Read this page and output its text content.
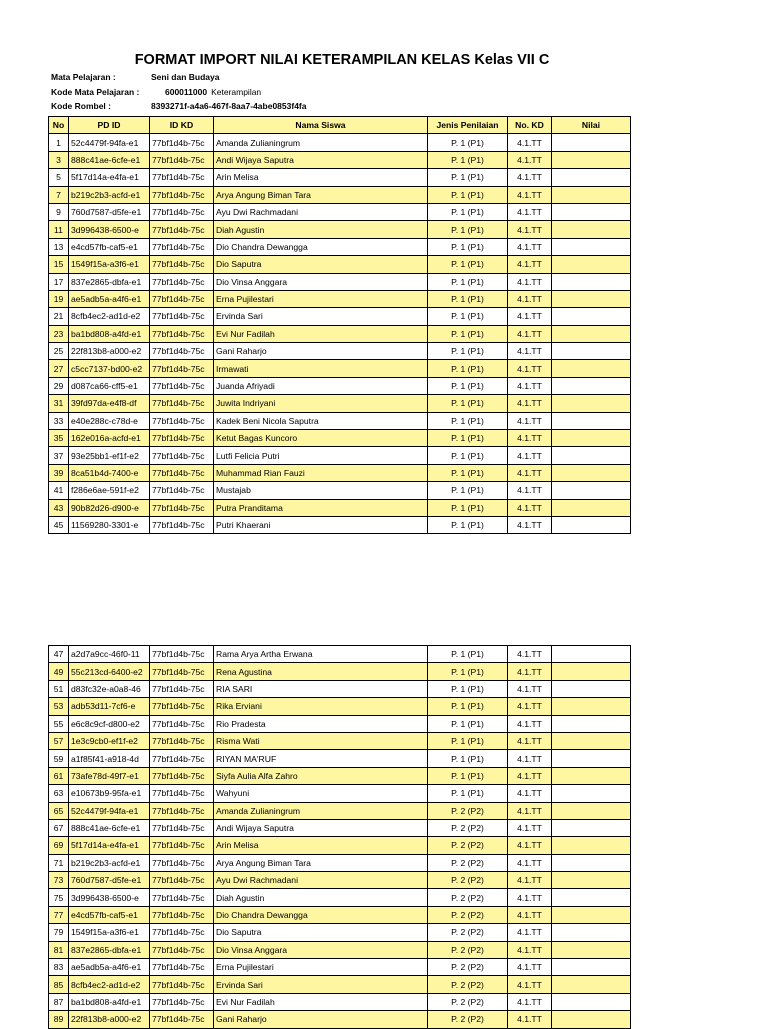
FORMAT IMPORT NILAI KETERAMPILAN KELAS Kelas VII C
Mata Pelajaran :	Seni dan Budaya
Kode Mata Pelajaran :	600011000 Keterampilan
Kode Rombel :	8393271f-a4a6-467f-8aa7-4abe0853f4fa
No	PD ID	ID KD	Nama Siswa	Jenis Penilaian	No. KD	Nilai
1	52c4479f-94fa-e1	77bf1d4b-75c	Amanda Zulianingrum	P. 1 (P1)	4.1.TT	
3	888c41ae-6cfe-e1	77bf1d4b-75c	Andi Wijaya Saputra	P. 1 (P1)	4.1.TT	
5	5f17d14a-e4fa-e1	77bf1d4b-75c	Arin Melisa	P. 1 (P1)	4.1.TT	
7	b219c2b3-acfd-e1	77bf1d4b-75c	Arya Angung Biman Tara	P. 1 (P1)	4.1.TT	
9	760d7587-d5fe-e1	77bf1d4b-75c	Ayu Dwi Rachmadani	P. 1 (P1)	4.1.TT	
11	3d996438-6500-e	77bf1d4b-75c	Diah Agustin	P. 1 (P1)	4.1.TT	
13	e4cd57fb-caf5-e1	77bf1d4b-75c	Dio Chandra Dewangga	P. 1 (P1)	4.1.TT	
15	1549f15a-a3f6-e1	77bf1d4b-75c	Dio Saputra	P. 1 (P1)	4.1.TT	
17	837e2865-dbfa-e1	77bf1d4b-75c	Dio Vinsa Anggara	P. 1 (P1)	4.1.TT	
19	ae5adb5a-a4f6-e1	77bf1d4b-75c	Erna Pujilestari	P. 1 (P1)	4.1.TT	
21	8cfb4ec2-ad1d-e2	77bf1d4b-75c	Ervinda Sari	P. 1 (P1)	4.1.TT	
23	ba1bd808-a4fd-e1	77bf1d4b-75c	Evi Nur Fadilah	P. 1 (P1)	4.1.TT	
25	22f813b8-a000-e2	77bf1d4b-75c	Gani Raharjo	P. 1 (P1)	4.1.TT	
27	c5cc7137-bd00-e2	77bf1d4b-75c	Irmawati	P. 1 (P1)	4.1.TT	
29	d087ca66-cff5-e1	77bf1d4b-75c	Juanda Afriyadi	P. 1 (P1)	4.1.TT	
31	39fd97da-e4f8-df	77bf1d4b-75c	Juwita Indriyani	P. 1 (P1)	4.1.TT	
33	e40e288c-c78d-e	77bf1d4b-75c	Kadek Beni Nicola Saputra	P. 1 (P1)	4.1.TT	
35	162e016a-acfd-e1	77bf1d4b-75c	Ketut Bagas Kuncoro	P. 1 (P1)	4.1.TT	
37	93e25bb1-ef1f-e2	77bf1d4b-75c	Lutfi Felicia Putri	P. 1 (P1)	4.1.TT	
39	8ca51b4d-7400-e	77bf1d4b-75c	Muhammad Rian Fauzi	P. 1 (P1)	4.1.TT	
41	f286e6ae-591f-e2	77bf1d4b-75c	Mustajab	P. 1 (P1)	4.1.TT	
43	90b82d26-d900-e	77bf1d4b-75c	Putra Pranditama	P. 1 (P1)	4.1.TT	
45	11569280-3301-e	77bf1d4b-75c	Putri Khaerani	P. 1 (P1)	4.1.TT	
47	a2d7a9cc-46f0-11	77bf1d4b-75c	Rama Arya Artha Erwana	P. 1 (P1)	4.1.TT	
49	55c213cd-6400-e2	77bf1d4b-75c	Rena Agustina	P. 1 (P1)	4.1.TT	
51	d83fc32e-a0a8-46	77bf1d4b-75c	RIA SARI	P. 1 (P1)	4.1.TT	
53	adb53d11-7cf6-e	77bf1d4b-75c	Rika Erviani	P. 1 (P1)	4.1.TT	
55	e6c8c9cf-d800-e2	77bf1d4b-75c	Rio Pradesta	P. 1 (P1)	4.1.TT	
57	1e3c9cb0-ef1f-e2	77bf1d4b-75c	Risma Wati	P. 1 (P1)	4.1.TT	
59	a1f85f41-a918-4d	77bf1d4b-75c	RIYAN MA'RUF	P. 1 (P1)	4.1.TT	
61	73afe78d-49f7-e1	77bf1d4b-75c	Siyfa Aulia Alfa Zahro	P. 1 (P1)	4.1.TT	
63	e10673b9-95fa-e1	77bf1d4b-75c	Wahyuni	P. 1 (P1)	4.1.TT	
65	52c4479f-94fa-e1	77bf1d4b-75c	Amanda Zulianingrum	P. 2 (P2)	4.1.TT	
67	888c41ae-6cfe-e1	77bf1d4b-75c	Andi Wijaya Saputra	P. 2 (P2)	4.1.TT	
69	5f17d14a-e4fa-e1	77bf1d4b-75c	Arin Melisa	P. 2 (P2)	4.1.TT	
71	b219c2b3-acfd-e1	77bf1d4b-75c	Arya Angung Biman Tara	P. 2 (P2)	4.1.TT	
73	760d7587-d5fe-e1	77bf1d4b-75c	Ayu Dwi Rachmadani	P. 2 (P2)	4.1.TT	
75	3d996438-6500-e	77bf1d4b-75c	Diah Agustin	P. 2 (P2)	4.1.TT	
77	e4cd57fb-caf5-e1	77bf1d4b-75c	Dio Chandra Dewangga	P. 2 (P2)	4.1.TT	
79	1549f15a-a3f6-e1	77bf1d4b-75c	Dio Saputra	P. 2 (P2)	4.1.TT	
81	837e2865-dbfa-e1	77bf1d4b-75c	Dio Vinsa Anggara	P. 2 (P2)	4.1.TT	
83	ae5adb5a-a4f6-e1	77bf1d4b-75c	Erna Pujilestari	P. 2 (P2)	4.1.TT	
85	8cfb4ec2-ad1d-e2	77bf1d4b-75c	Ervinda Sari	P. 2 (P2)	4.1.TT	
87	ba1bd808-a4fd-e1	77bf1d4b-75c	Evi Nur Fadilah	P. 2 (P2)	4.1.TT	
89	22f813b8-a000-e2	77bf1d4b-75c	Gani Raharjo	P. 2 (P2)	4.1.TT	
